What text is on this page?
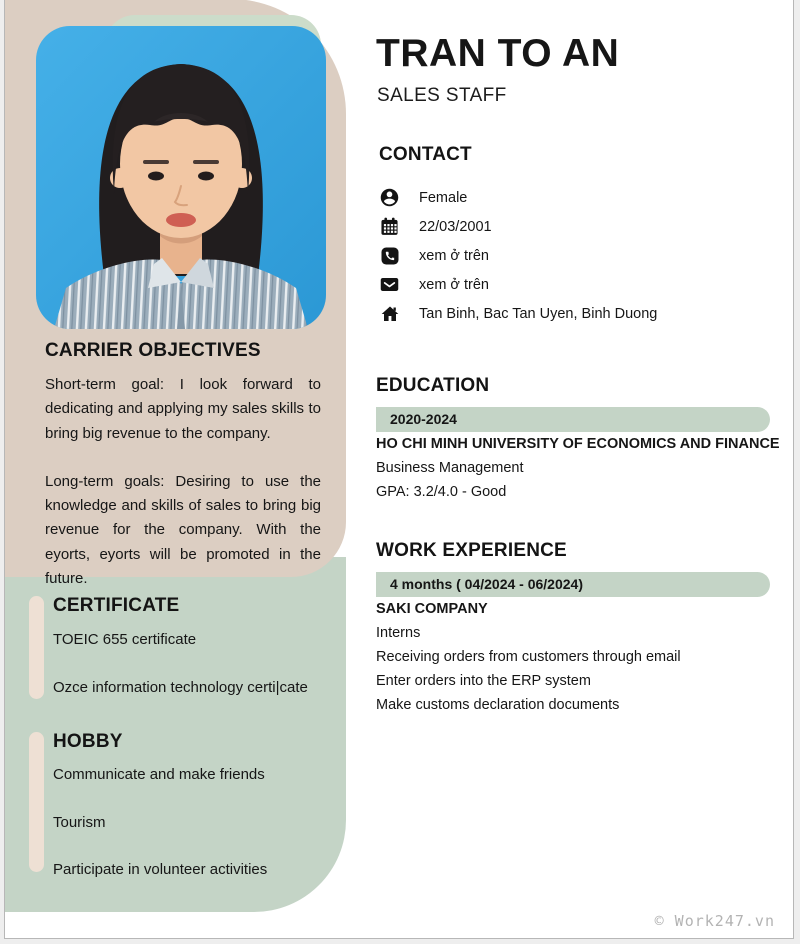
CARRIER OBJECTIVES

Short-term goal: I look forward to dedicating and applying my sales skills to bring big revenue to the company.

Long-term goals: Desiring to use the knowledge and skills of sales to bring big revenue for the company. With the eyorts, eyorts will be promoted in the future.

CERTIFICATE
TOEIC 655 certificate
Ozce information technology certi|cate
HOBBY
Communicate and make friends
Tourism
Participate in volunteer activities
TRAN TO AN
SALES STAFF
CONTACT
Female
22/03/2001
xem ở trên
xem ở trên
Tan Binh, Bac Tan Uyen, Binh Duong
EDUCATION
2020-2024
HO CHI MINH UNIVERSITY OF ECONOMICS AND FINANCE
Business Management
GPA: 3.2/4.0 - Good
WORK EXPERIENCE
4 months ( 04/2024 - 06/2024)
SAKI COMPANY
Interns
Receiving orders from customers through email
Enter orders into the ERP system
Make customs declaration documents
© Work247.vn
